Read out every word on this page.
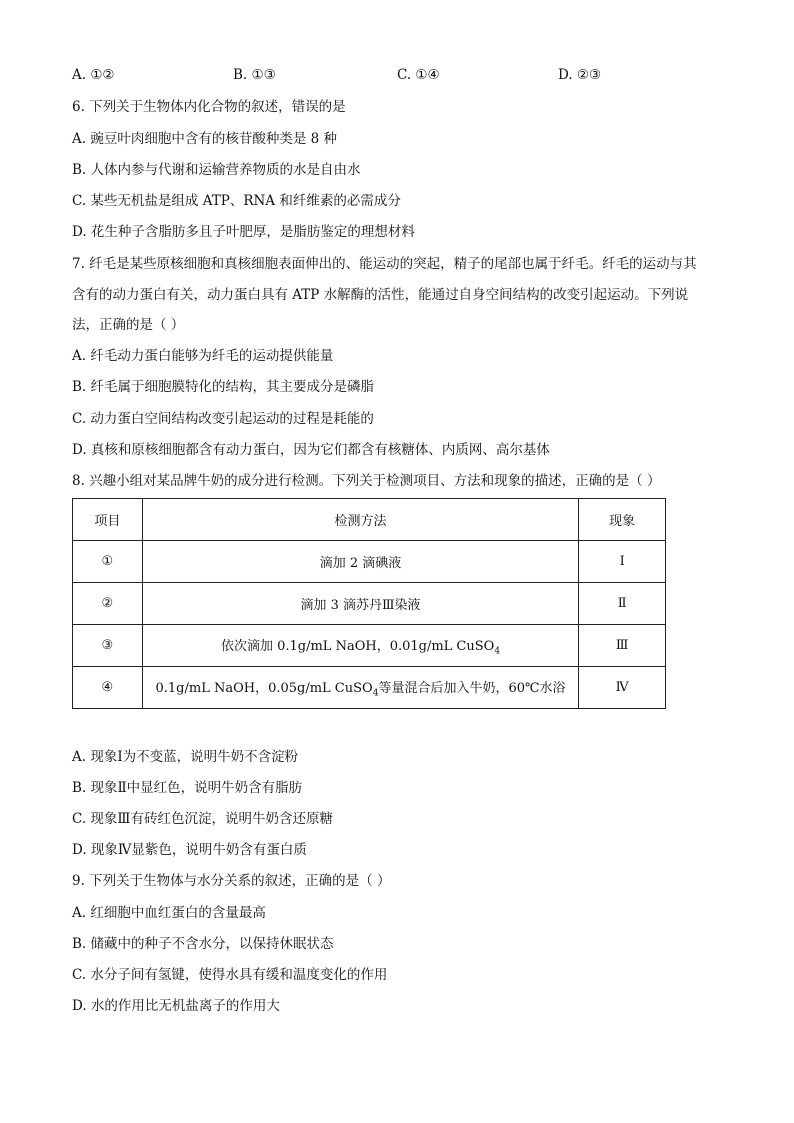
A. ①②	B. ①③	C. ①④	D. ②③
6. 下列关于生物体内化合物的叙述，错误的是
A. 豌豆叶肉细胞中含有的核苷酸种类是 8 种
B. 人体内参与代谢和运输营养物质的水是自由水
C. 某些无机盐是组成 ATP、RNA 和纤维素的必需成分
D. 花生种子含脂肪多且子叶肥厚，是脂肪鉴定的理想材料
7. 纤毛是某些原核细胞和真核细胞表面伸出的、能运动的突起，精子的尾部也属于纤毛。纤毛的运动与其
含有的动力蛋白有关，动力蛋白具有 ATP 水解酶的活性，能通过自身空间结构的改变引起运动。下列说
法，正确的是（ ）
A. 纤毛动力蛋白能够为纤毛的运动提供能量
B. 纤毛属于细胞膜特化的结构，其主要成分是磷脂
C. 动力蛋白空间结构改变引起运动的过程是耗能的
D. 真核和原核细胞都含有动力蛋白，因为它们都含有核糖体、内质网、高尔基体
8. 兴趣小组对某品牌牛奶的成分进行检测。下列关于检测项目、方法和现象的描述，正确的是（ ）
项目	检测方法	现象
①	滴加 2 滴碘液	Ⅰ
②	滴加 3 滴苏丹Ⅲ染液	Ⅱ
③	依次滴加 0.1g/mL NaOH，0.01g/mL CuSO$_4$	Ⅲ
④	0.1g/mL NaOH，0.05g/mL CuSO$_4$等量混合后加入牛奶，60℃水浴	Ⅳ
A. 现象Ⅰ为不变蓝，说明牛奶不含淀粉
B. 现象Ⅱ中显红色，说明牛奶含有脂肪
C. 现象Ⅲ有砖红色沉淀，说明牛奶含还原糖
D. 现象Ⅳ显紫色，说明牛奶含有蛋白质
9. 下列关于生物体与水分关系的叙述，正确的是（ ）
A. 红细胞中血红蛋白的含量最高
B. 储藏中的种子不含水分，以保持休眠状态
C. 水分子间有氢键，使得水具有缓和温度变化的作用
D. 水的作用比无机盐离子的作用大
